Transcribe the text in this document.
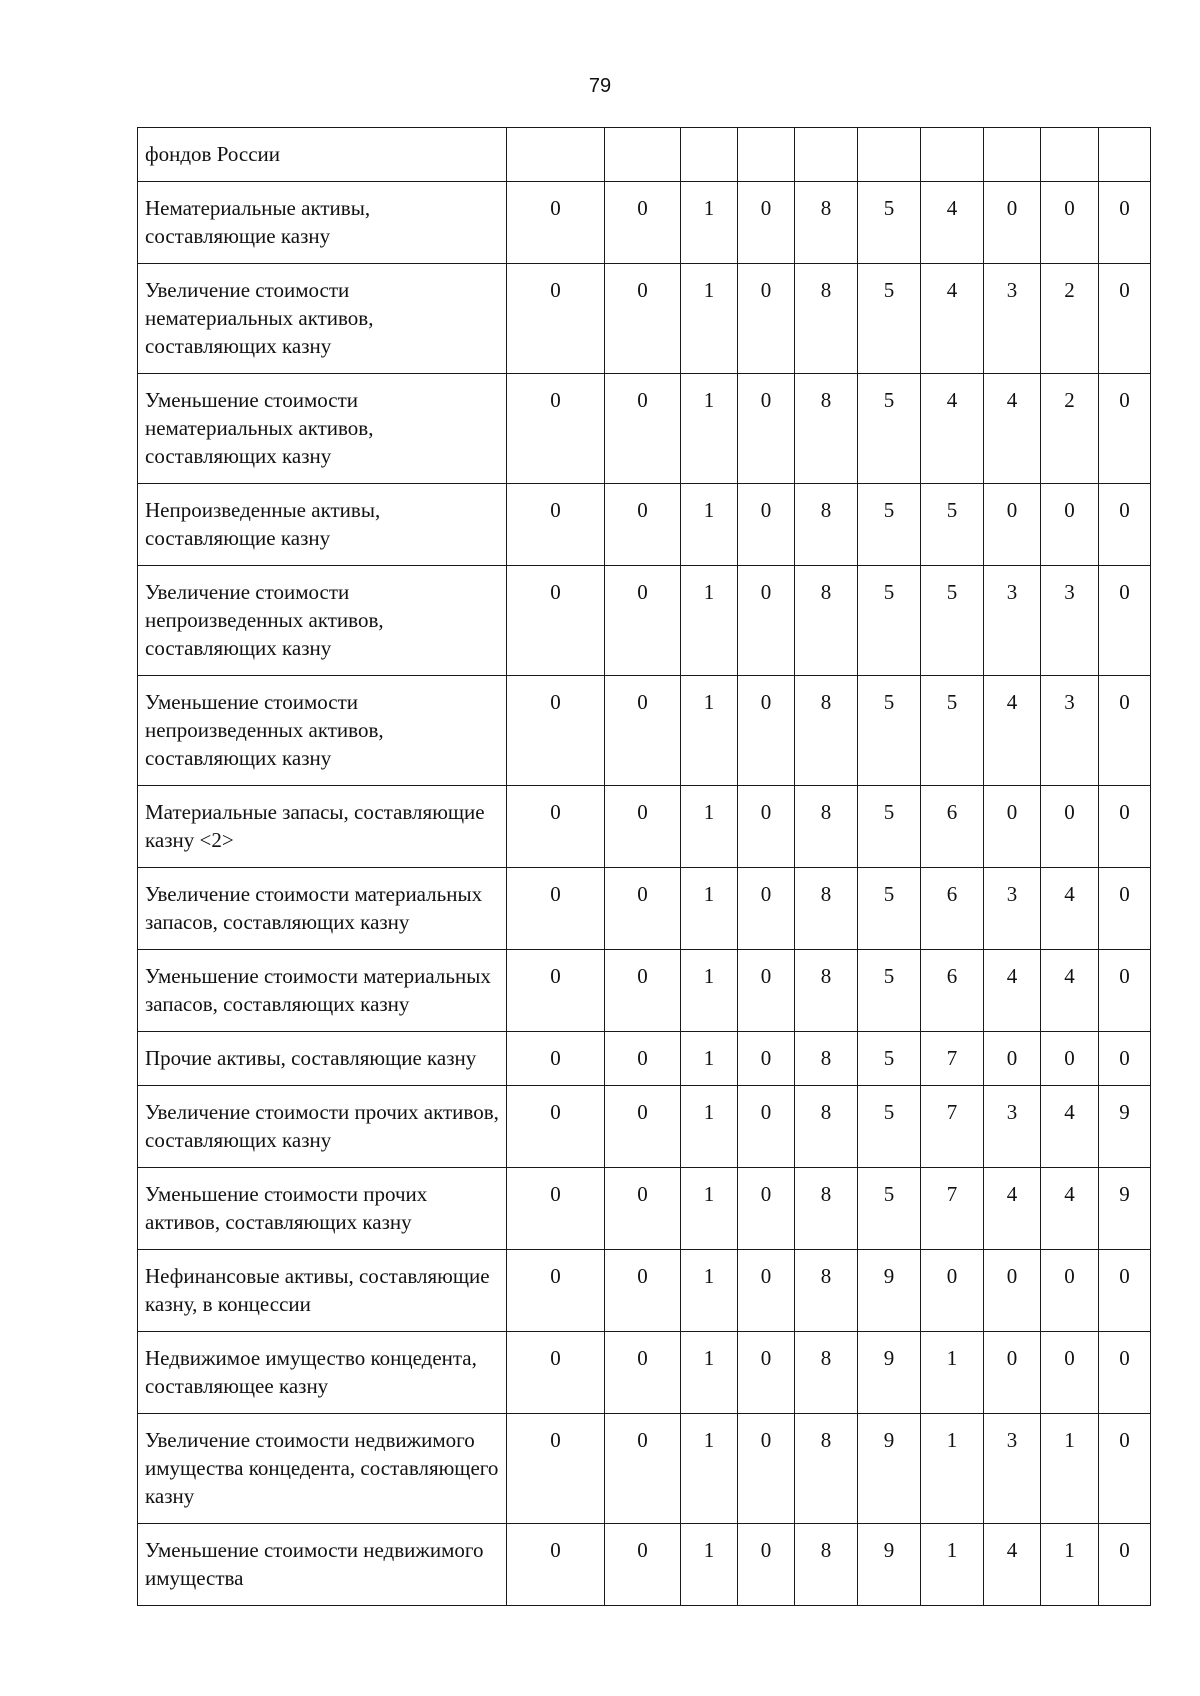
79
фондов России										
Нематериальные активы, составляющие казну	0	0	1	0	8	5	4	0	0	0
Увеличение стоимости нематериальных активов, составляющих казну	0	0	1	0	8	5	4	3	2	0
Уменьшение стоимости нематериальных активов, составляющих казну	0	0	1	0	8	5	4	4	2	0
Непроизведенные активы, составляющие казну	0	0	1	0	8	5	5	0	0	0
Увеличение стоимости непроизведенных активов, составляющих казну	0	0	1	0	8	5	5	3	3	0
Уменьшение стоимости непроизведенных активов, составляющих казну	0	0	1	0	8	5	5	4	3	0
Материальные запасы, составляющие казну <2>	0	0	1	0	8	5	6	0	0	0
Увеличение стоимости материальных запасов, составляющих казну	0	0	1	0	8	5	6	3	4	0
Уменьшение стоимости материальных запасов, составляющих казну	0	0	1	0	8	5	6	4	4	0
Прочие активы, составляющие казну	0	0	1	0	8	5	7	0	0	0
Увеличение стоимости прочих активов, составляющих казну	0	0	1	0	8	5	7	3	4	9
Уменьшение стоимости прочих активов, составляющих казну	0	0	1	0	8	5	7	4	4	9
Нефинансовые активы, составляющие казну, в концессии	0	0	1	0	8	9	0	0	0	0
Недвижимое имущество концедента, составляющее казну	0	0	1	0	8	9	1	0	0	0
Увеличение стоимости недвижимого имущества концедента, составляющего казну	0	0	1	0	8	9	1	3	1	0
Уменьшение стоимости недвижимого имущества	0	0	1	0	8	9	1	4	1	0
